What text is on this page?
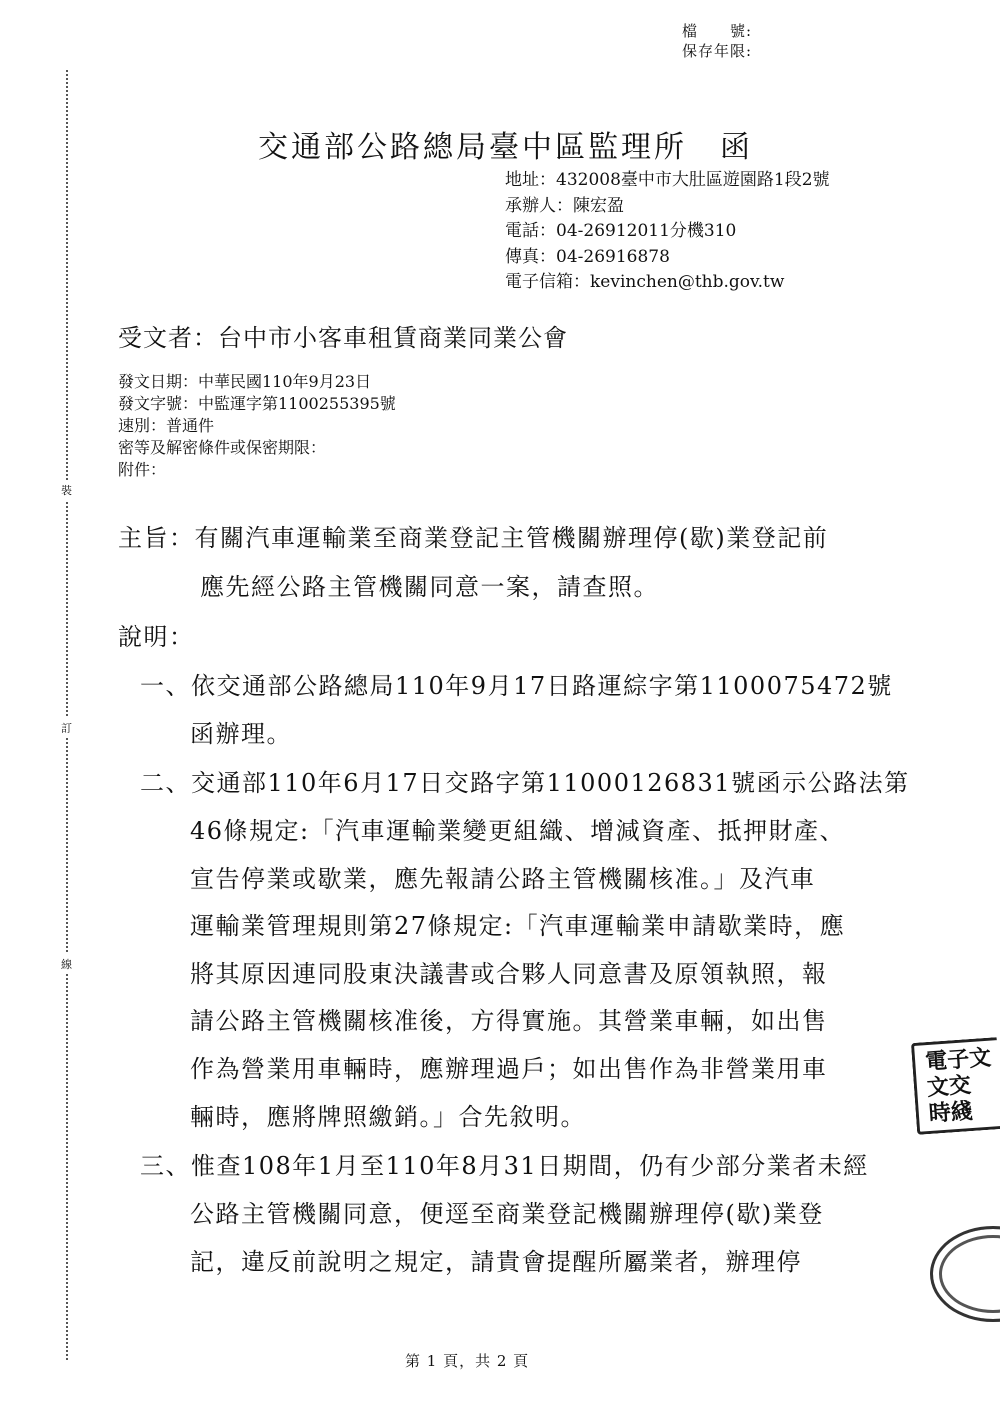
裝
訂
線
檔　　號:
保存年限:
交通部公路總局臺中區監理所　函
地址：432008臺中市大肚區遊園路1段2號
承辦人：陳宏盈
電話：04-26912011分機310
傳真：04-26916878
電子信箱：kevinchen@thb.gov.tw
受文者：台中市小客車租賃商業同業公會
發文日期：中華民國110年9月23日
發文字號：中監運字第1100255395號
速別：普通件
密等及解密條件或保密期限：
附件：
主旨：有關汽車運輸業至商業登記主管機關辦理停(歇)業登記前
應先經公路主管機關同意一案，請查照。
說明：
一、依交通部公路總局110年9月17日路運綜字第1100075472號
函辦理。
二、交通部110年6月17日交路字第11000126831號函示公路法第
46條規定:「汽車運輸業變更組織、增減資產、抵押財產、
宣告停業或歇業，應先報請公路主管機關核准。」及汽車
運輸業管理規則第27條規定:「汽車運輸業申請歇業時，應
將其原因連同股東決議書或合夥人同意書及原領執照，報
請公路主管機關核准後，方得實施。其營業車輛，如出售
作為營業用車輛時，應辦理過戶；如出售作為非營業用車
輛時，應將牌照繳銷。」合先敘明。
三、惟查108年1月至110年8月31日期間，仍有少部分業者未經
公路主管機關同意，便逕至商業登記機關辦理停(歇)業登
記，違反前說明之規定，請貴會提醒所屬業者，辦理停
電子文
文交
時綫
第 1 頁，共 2 頁
